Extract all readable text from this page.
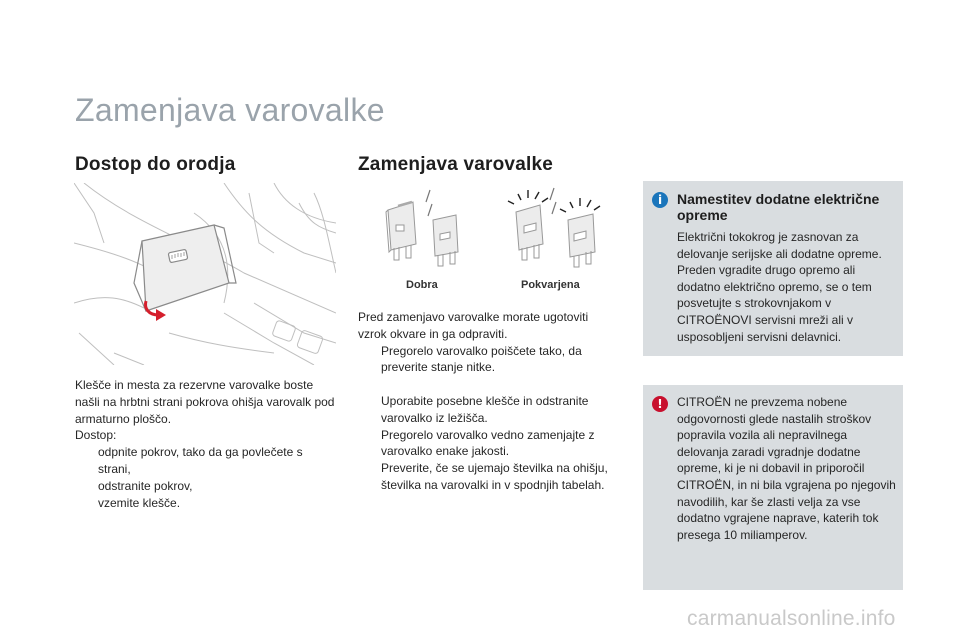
Zamenjava varovalke
Dostop do orodja

Klešče in mesta za rezervne varovalke boste našli na hrbtni strani pokrova ohišja varovalk pod armaturno ploščo.

Dostop:

odpnite pokrov, tako da ga povlečete s strani,
odstranite pokrov,
vzemite klešče.
Zamenjava varovalke
Dobra	Pokvarjena

Pred zamenjavo varovalke morate ugotoviti vzrok okvare in ga odpraviti.

Pregorelo varovalko poiščete tako, da preverite stanje nitke.
Uporabite posebne klešče in odstranite varovalko iz ležišča.
Pregorelo varovalko vedno zamenjajte z varovalko enake jakosti.
Preverite, če se ujemajo številka na ohišju, številka na varovalki in v spodnjih tabelah.
i	Namestitev dodatne električne opreme
Električni tokokrog je zasnovan za delovanje serijske ali dodatne opreme. Preden vgradite drugo opremo ali dodatno električno opremo, se o tem posvetujte s strokovnjakom v CITROËNOVI servisni mreži ali v usposobljeni servisni delavnici.
!	CITROËN ne prevzema nobene odgovornosti glede nastalih stroškov popravila vozila ali nepravilnega delovanja zaradi vgradnje dodatne opreme, ki je ni dobavil in priporočil CITROËN, in ni bila vgrajena po njegovih navodilih, kar še zlasti velja za vse dodatno vgrajene naprave, katerih tok presega 10 miliamperov.
carmanualsonline.info
